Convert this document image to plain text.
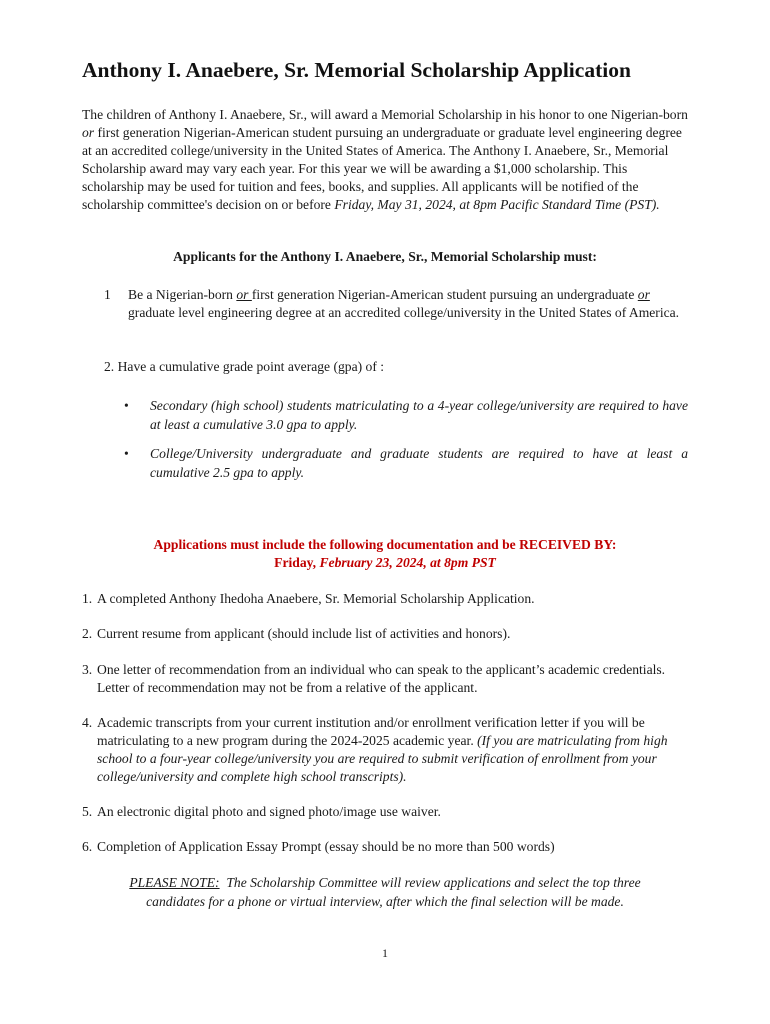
Anthony I. Anaebere, Sr. Memorial Scholarship Application
The children of Anthony I. Anaebere, Sr., will award a Memorial Scholarship in his honor to one Nigerian-born or first generation Nigerian-American student pursuing an undergraduate or graduate level engineering degree at an accredited college/university in the United States of America. The Anthony I. Anaebere, Sr., Memorial Scholarship award may vary each year. For this year we will be awarding a $1,000 scholarship. This scholarship may be used for tuition and fees, books, and supplies. All applicants will be notified of the scholarship committee's decision on or before Friday, May 31, 2024, at 8pm Pacific Standard Time (PST).
Applicants for the Anthony I. Anaebere, Sr., Memorial Scholarship must:
1 Be a Nigerian-born or first generation Nigerian-American student pursuing an undergraduate or graduate level engineering degree at an accredited college/university in the United States of America.
2. Have a cumulative grade point average (gpa) of :
• Secondary (high school) students matriculating to a 4-year college/university are required to have at least a cumulative 3.0 gpa to apply.
• College/University undergraduate and graduate students are required to have at least a cumulative 2.5 gpa to apply.
Applications must include the following documentation and be RECEIVED BY:
Friday, February 23, 2024, at 8pm PST
1. A completed Anthony Ihedoha Anaebere, Sr. Memorial Scholarship Application.
2. Current resume from applicant (should include list of activities and honors).
3. One letter of recommendation from an individual who can speak to the applicant’s academic credentials. Letter of recommendation may not be from a relative of the applicant.
4. Academic transcripts from your current institution and/or enrollment verification letter if you will be matriculating to a new program during the 2024-2025 academic year. (If you are matriculating from high school to a four-year college/university you are required to submit verification of enrollment from your college/university and complete high school transcripts).
5. An electronic digital photo and signed photo/image use waiver.
6. Completion of Application Essay Prompt (essay should be no more than 500 words)
PLEASE NOTE:  The Scholarship Committee will review applications and select the top three candidates for a phone or virtual interview, after which the final selection will be made.
1
